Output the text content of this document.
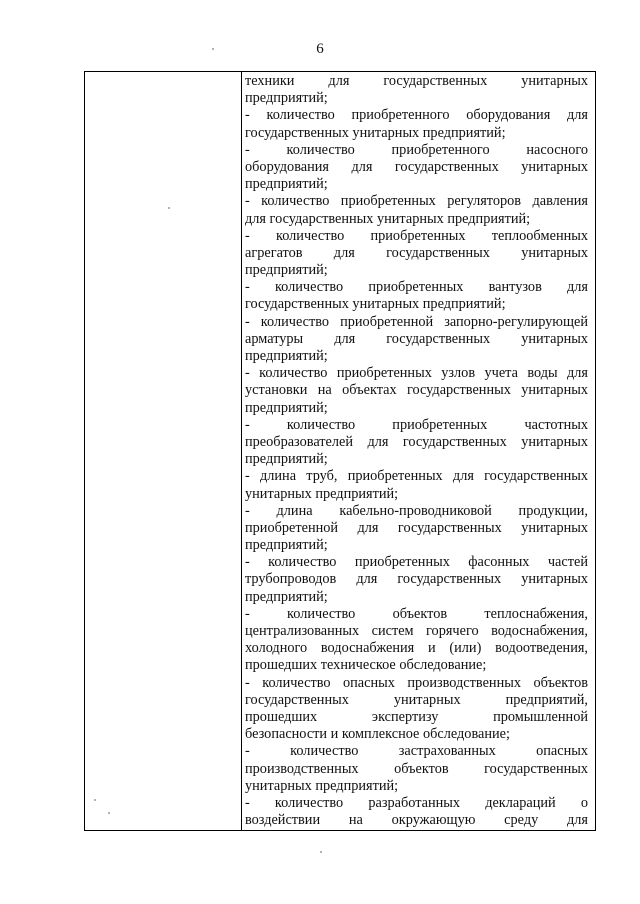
6
техники для государственных унитарных
предприятий;
- количество приобретенного оборудования для
государственных унитарных предприятий;
- количество приобретенного насосного
оборудования для государственных унитарных
предприятий;
- количество приобретенных регуляторов давления
для государственных унитарных предприятий;
- количество приобретенных теплообменных
агрегатов для государственных унитарных
предприятий;
- количество приобретенных вантузов для
государственных унитарных предприятий;
- количество приобретенной запорно-регулирующей
арматуры для государственных унитарных
предприятий;
- количество приобретенных узлов учета воды для
установки на объектах государственных унитарных
предприятий;
- количество приобретенных частотных
преобразователей для государственных унитарных
предприятий;
- длина труб, приобретенных для государственных
унитарных предприятий;
- длина кабельно-проводниковой продукции,
приобретенной для государственных унитарных
предприятий;
- количество приобретенных фасонных частей
трубопроводов для государственных унитарных
предприятий;
- количество объектов теплоснабжения,
централизованных систем горячего водоснабжения,
холодного водоснабжения и (или) водоотведения,
прошедших техническое обследование;
- количество опасных производственных объектов
государственных унитарных предприятий,
прошедших экспертизу промышленной
безопасности и комплексное обследование;
- количество застрахованных опасных
производственных объектов государственных
унитарных предприятий;
- количество разработанных деклараций о
воздействии на окружающую среду для
